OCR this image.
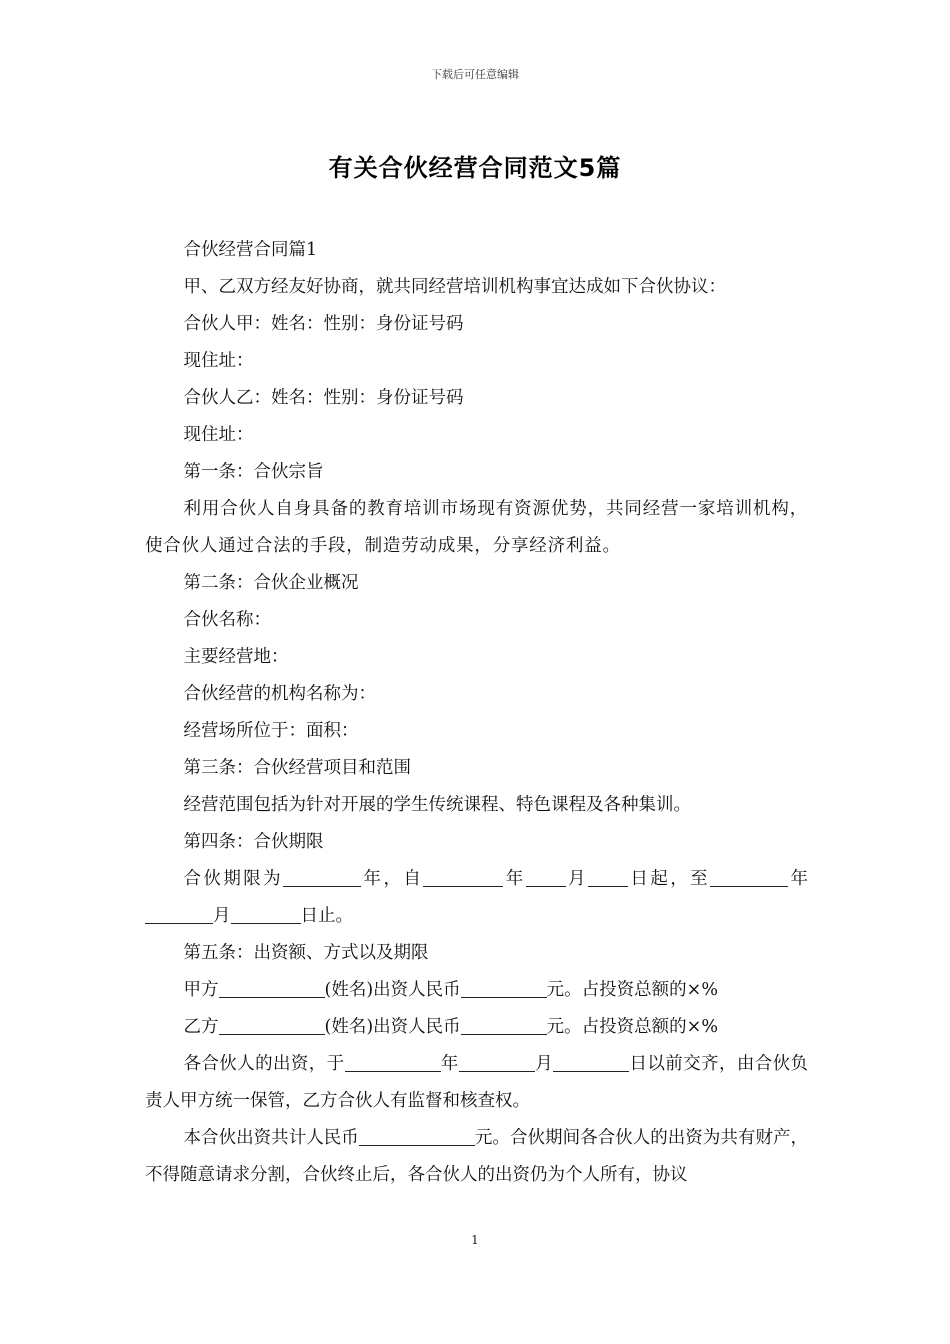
下载后可任意编辑
有关合伙经营合同范文5篇

合伙经营合同篇1

甲、乙双方经友好协商，就共同经营培训机构事宜达成如下合伙协议：

合伙人甲：姓名：性别：身份证号码

现住址：

合伙人乙：姓名：性别：身份证号码

现住址：

第一条：合伙宗旨

利用合伙人自身具备的教育培训市场现有资源优势，共同经营一家培训机构，使合伙人通过合法的手段，制造劳动成果，分享经济利益。

第二条：合伙企业概况

合伙名称：

主要经营地：

合伙经营的机构名称为：

经营场所位于：面积：

第三条：合伙经营项目和范围

经营范围包括为针对开展的学生传统课程、特色课程及各种集训。

第四条：合伙期限

合伙期限为	年，自	年 月 日起，至	年月	日止。

第五条：出资额、方式以及期限

甲方	(姓名)出资人民币	元。占投资总额的×%

乙方	(姓名)出资人民币	元。占投资总额的×%

各合伙人的出资，于	年	月	日以前交齐，由合伙负责人甲方统一保管，乙方合伙人有监督和核查权。

本合伙出资共计人民币	元。合伙期间各合伙人的出资为共有财产，不得随意请求分割，合伙终止后，各合伙人的出资仍为个人所有，协议

1
